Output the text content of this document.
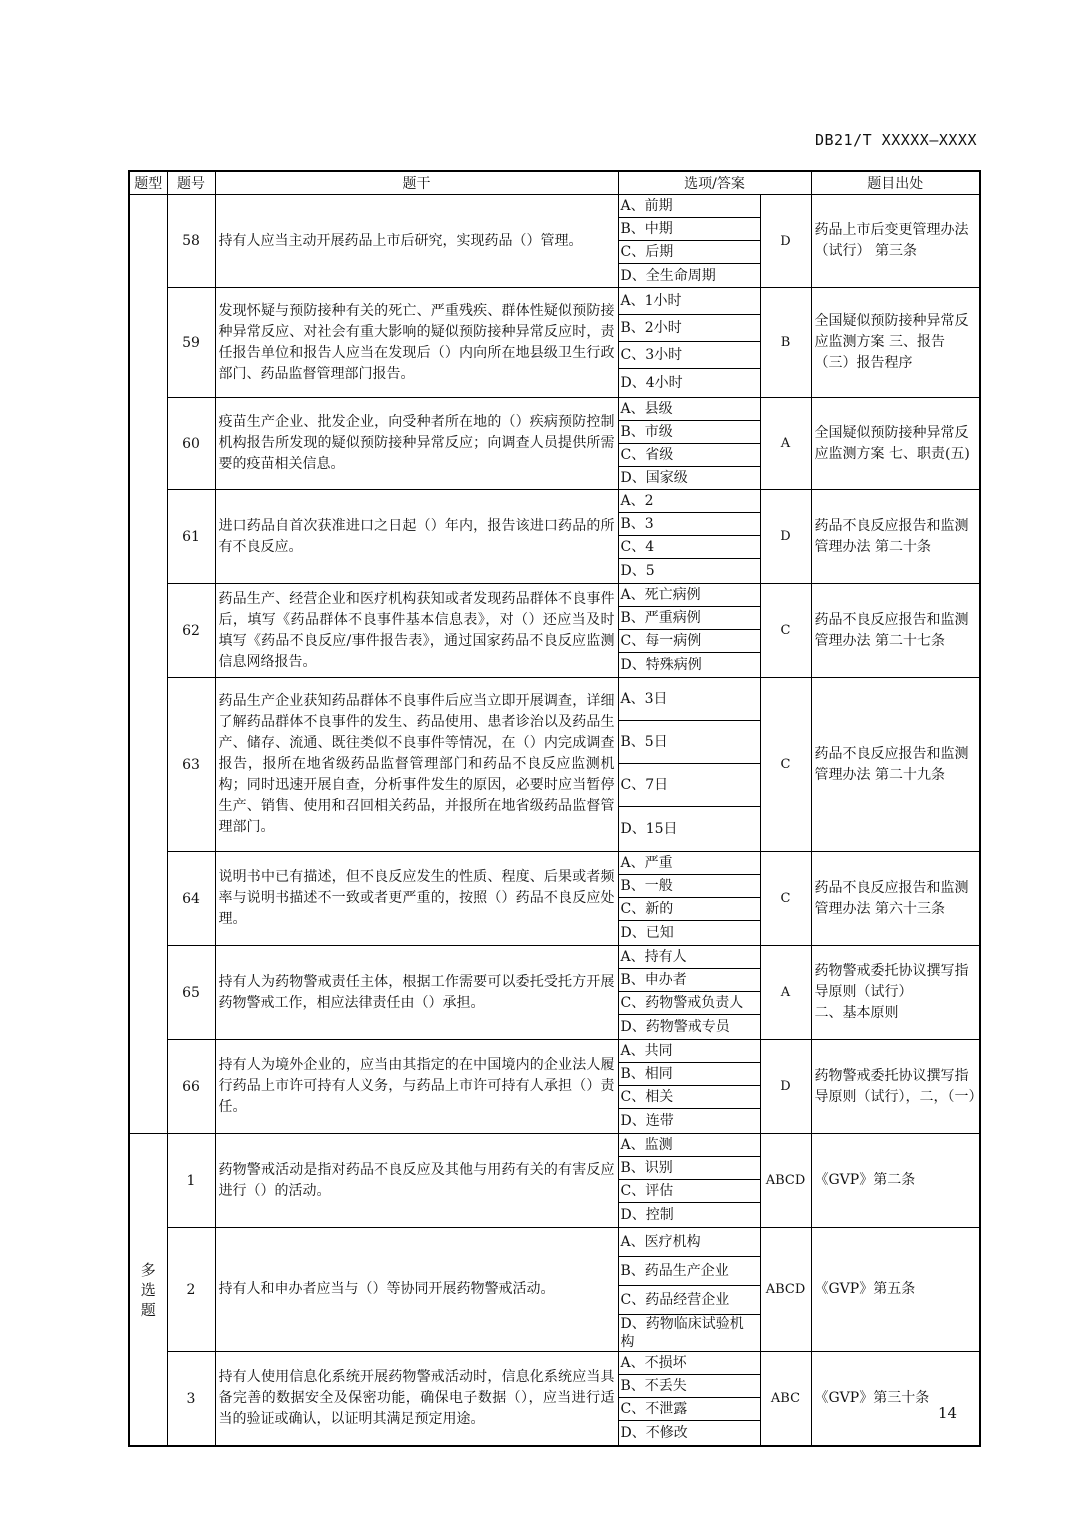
DB21/T XXXXX—XXXX
题型	题号	题干	选项/答案		题目出处
	58	持有人应当主动开展药品上市后研究，实现药品（）管理。	A、前期	D	药品上市后变更管理办法（试行） 第三条
			B、中期		
			C、后期		
			D、全生命周期		
	59	发现怀疑与预防接种有关的死亡、严重残疾、群体性疑似预防接种异常反应、对社会有重大影响的疑似预防接种异常反应时，责任报告单位和报告人应当在发现后（）内向所在地县级卫生行政部门、药品监督管理部门报告。	A、1小时	B	全国疑似预防接种异常反应监测方案 三、报告（三）报告程序
			B、2小时		
			C、3小时		
			D、4小时		
	60	疫苗生产企业、批发企业，向受种者所在地的（）疾病预防控制机构报告所发现的疑似预防接种异常反应；向调查人员提供所需要的疫苗相关信息。	A、县级	A	全国疑似预防接种异常反应监测方案 七、职责(五)
			B、市级		
			C、省级		
			D、国家级		
	61	进口药品自首次获准进口之日起（）年内，报告该进口药品的所有不良反应。	A、2	D	药品不良反应报告和监测管理办法 第二十条
			B、3		
			C、4		
			D、5		
	62	药品生产、经营企业和医疗机构获知或者发现药品群体不良事件后，填写《药品群体不良事件基本信息表》，对（）还应当及时填写《药品不良反应/事件报告表》，通过国家药品不良反应监测信息网络报告。	A、死亡病例	C	药品不良反应报告和监测管理办法 第二十七条
			B、严重病例		
			C、每一病例		
			D、特殊病例		
	63	药品生产企业获知药品群体不良事件后应当立即开展调查，详细了解药品群体不良事件的发生、药品使用、患者诊治以及药品生产、储存、流通、既往类似不良事件等情况，在（）内完成调查报告，报所在地省级药品监督管理部门和药品不良反应监测机构；同时迅速开展自查，分析事件发生的原因，必要时应当暂停生产、销售、使用和召回相关药品，并报所在地省级药品监督管理部门。	A、3日	C	药品不良反应报告和监测管理办法 第二十九条
			B、5日		
			C、7日		
			D、15日		
	64	说明书中已有描述，但不良反应发生的性质、程度、后果或者频率与说明书描述不一致或者更严重的，按照（）药品不良反应处理。	A、严重	C	药品不良反应报告和监测管理办法 第六十三条
			B、一般		
			C、新的		
			D、已知		
	65	持有人为药物警戒责任主体，根据工作需要可以委托受托方开展药物警戒工作，相应法律责任由（）承担。	A、持有人	A	药物警戒委托协议撰写指导原则（试行）
二、基本原则
			B、申办者		
			C、药物警戒负责人		
			D、药物警戒专员		
	66	持有人为境外企业的，应当由其指定的在中国境内的企业法人履行药品上市许可持有人义务，与药品上市许可持有人承担（）责任。	A、共同	D	药物警戒委托协议撰写指导原则（试行），二，（一）
			B、相同		
			C、相关		
			D、连带		
多
选
题	1	药物警戒活动是指对药品不良反应及其他与用药有关的有害反应进行（）的活动。	A、监测	ABCD	《GVP》第二条
			B、识别		
			C、评估		
			D、控制		
	2	持有人和申办者应当与（）等协同开展药物警戒活动。	A、医疗机构	ABCD	《GVP》第五条
			B、药品生产企业		
			C、药品经营企业		
			D、药物临床试验机构		
	3	持有人使用信息化系统开展药物警戒活动时，信息化系统应当具备完善的数据安全及保密功能，确保电子数据（），应当进行适当的验证或确认，以证明其满足预定用途。	A、不损坏	ABC	《GVP》第三十条
			B、不丢失		
			C、不泄露		
			D、不修改		
14
